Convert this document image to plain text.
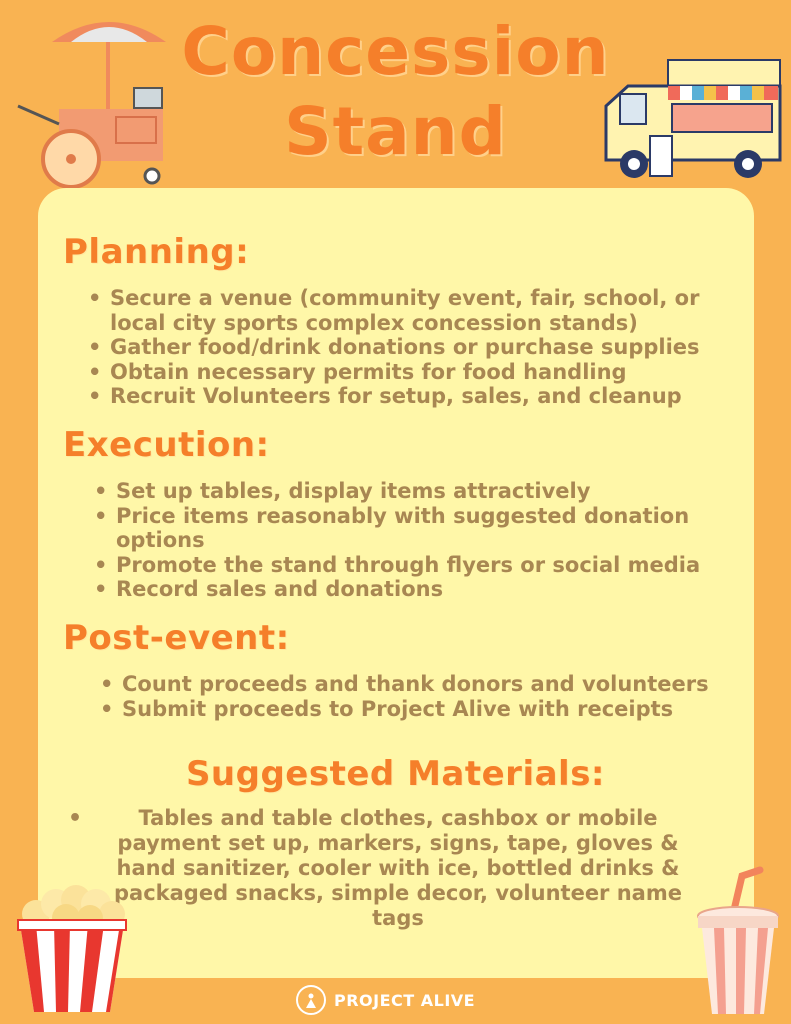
Concession
Stand
Planning:
• Secure a venue (community event, fair, school, or local city sports complex concession stands)
• Gather food/drink donations or purchase supplies
• Obtain necessary permits for food handling
• Recruit Volunteers for setup, sales, and cleanup
Execution:
• Set up tables, display items attractively
• Price items reasonably with suggested donation options
• Promote the stand through flyers or social media
• Record sales and donations
Post-event:
• Count proceeds and thank donors and volunteers
• Submit proceeds to Project Alive with receipts
Suggested Materials:
•	Tables and table clothes, cashbox or mobile payment set up, markers, signs, tape, gloves & hand sanitizer, cooler with ice, bottled drinks & packaged snacks, simple decor, volunteer name tags
PROJECT ALIVE
